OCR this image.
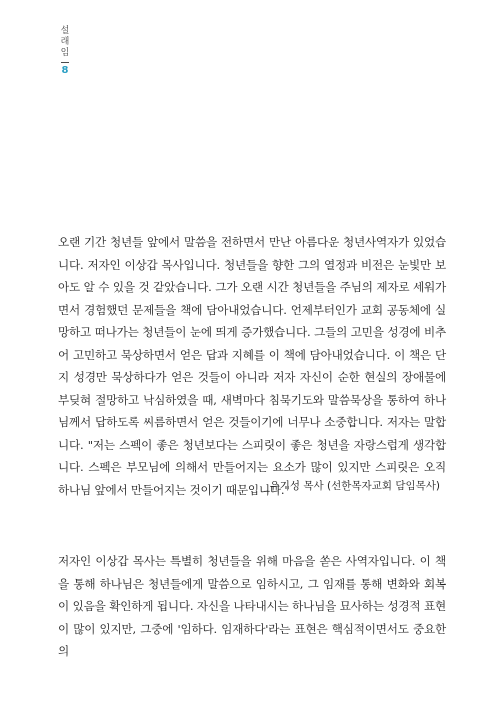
설
래
임
8

오랜 기간 청년들 앞에서 말씀을 전하면서 만난 아름다운 청년사역자가 있었습니다. 저자인 이상갑 목사입니다. 청년들을 향한 그의 열정과 비전은 눈빛만 보아도 알 수 있을 것 같았습니다. 그가 오랜 시간 청년들을 주님의 제자로 세워가면서 경험했던 문제들을 책에 담아내었습니다. 언제부터인가 교회 공동체에 실망하고 떠나가는 청년들이 눈에 띄게 증가했습니다. 그들의 고민을 성경에 비추어 고민하고 묵상하면서 얻은 답과 지혜를 이 책에 담아내었습니다. 이 책은 단지 성경만 묵상하다가 얻은 것들이 아니라 저자 자신이 순한 현실의 장애물에 부딪혀 절망하고 낙심하였을 때, 새벽마다 침묵기도와 말씀묵상을 통하여 하나님께서 답하도록 씨름하면서 얻은 것들이기에 너무나 소중합니다. 저자는 말합니다. "저는 스펙이 좋은 청년보다는 스피릿이 좋은 청년을 자랑스럽게 생각합니다. 스펙은 부모님에 의해서 만들어지는 요소가 많이 있지만 스피릿은 오직 하나님 앞에서 만들어지는 것이기 때문입니다."

_유기성 목사 (선한목자교회 담임목사)

저자인 이상갑 목사는 특별히 청년들을 위해 마음을 쏟은 사역자입니다. 이 책을 통해 하나님은 청년들에게 말씀으로 임하시고, 그 임재를 통해 변화와 회복이 있음을 확인하게 됩니다. 자신을 나타내시는 하나님을 묘사하는 성경적 표현이 많이 있지만, 그중에 '임하다. 임재하다'라는 표현은 핵심적이면서도 중요한 의
